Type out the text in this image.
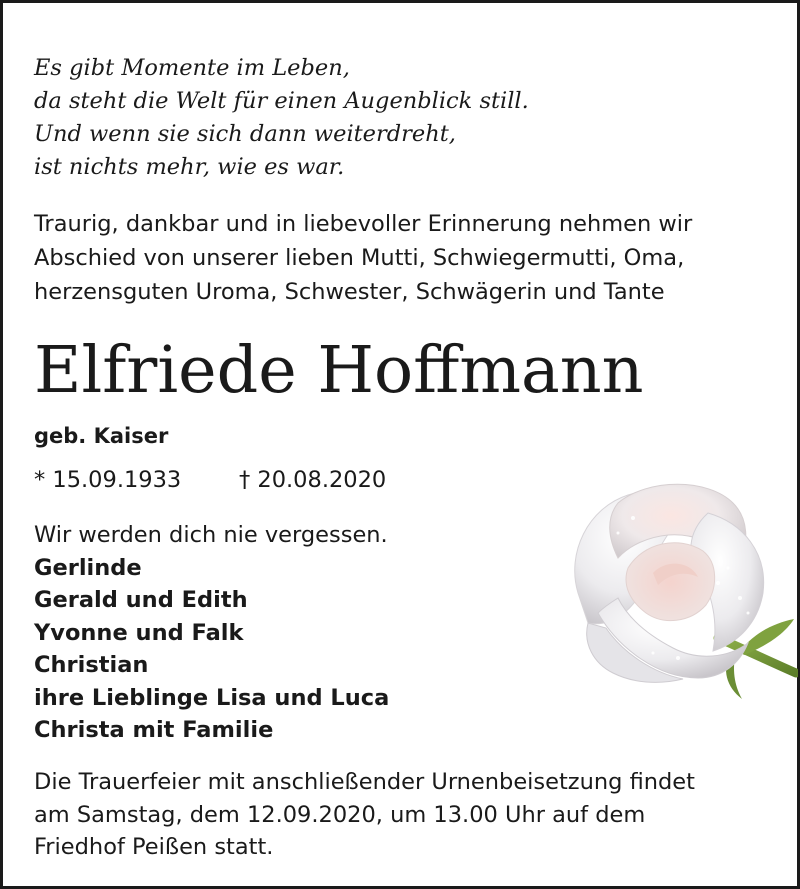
Es gibt Momente im Leben,
da steht die Welt für einen Augenblick still.
Und wenn sie sich dann weiterdreht,
ist nichts mehr, wie es war.
Traurig, dankbar und in liebevoller Erinnerung nehmen wir
Abschied von unserer lieben Mutti, Schwiegermutti, Oma,
herzensguten Uroma, Schwester, Schwägerin und Tante
Elfriede Hoffmann
geb. Kaiser
* 15.09.1933	† 20.08.2020
Wir werden dich nie vergessen.
Gerlinde
Gerald und Edith
Yvonne und Falk
Christian
ihre Lieblinge Lisa und Luca
Christa mit Familie
Die Trauerfeier mit anschließender Urnenbeisetzung findet
am Samstag, dem 12.09.2020, um 13.00 Uhr auf dem
Friedhof Peißen statt.
